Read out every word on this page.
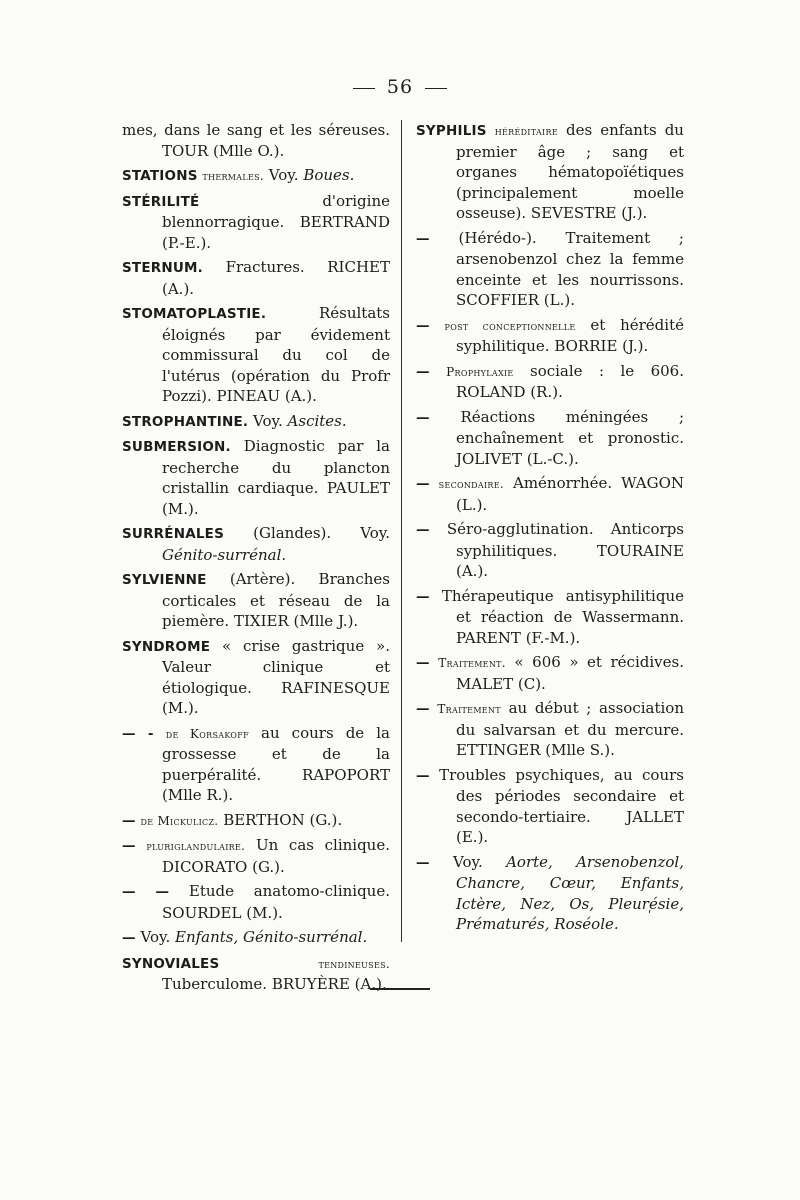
56

mes, dans le sang et les séreuses. TOUR (Mlle O.).

STATIONS thermales. Voy. Boues.

STÉRILITÉ	d'origine blennorragique. BERTRAND (P.-E.).

STERNUM. Fractures. RICHET (A.).

STOMATOPLASTIE.	Résultats éloignés par évidement commissural du col de l'utérus (opération du Profr Pozzi). PINEAU (A.).

STROPHANTINE. Voy. Ascites.

SUBMERSION. Diagnostic par la recherche du plancton cristallin cardiaque. PAULET (M.).

SURRÉNALES (Glandes). Voy. Génito-surrénal.

SYLVIENNE (Artère). Branches corticales et réseau de la piemère. TIXIER (Mlle J.).

SYNDROME « crise gastrique ». Valeur clinique et étiologique. RAFINESQUE (M.).

— - de Korsakoff au cours de la grossesse et de la puerpéralité. RAPOPORT (Mlle R.).

— de Mickulicz. BERTHON (G.).

— pluriglandulaire. Un cas clinique. DICORATO (G.).

— — Etude anatomo-clinique. SOURDEL (M.).

— Voy. Enfants, Génito-surrénal.

SYNOVIALES	tendineuses. Tuberculome. BRUYÈRE (A.).

SYPHILIS héréditaire des enfants du premier âge ; sang et organes hématopoïétiques (principalement moelle osseuse). SEVESTRE (J.).

— (Hérédo-). Traitement ; arsenobenzol chez la femme enceinte et les nourrissons. SCOFFIER (L.).

— post conceptionnelle et hérédité syphilitique. BORRIE (J.).

— Prophylaxie sociale : le 606. ROLAND (R.).

— Réactions méningées ; enchaînement et pronostic. JOLIVET (L.-C.).

— secondaire. Aménorrhée. WAGON (L.).

— Séro-agglutination. Anticorps syphilitiques. TOURAINE (A.).

— Thérapeutique antisyphilitique et réaction de Wassermann. PARENT (F.-M.).

— Traitement. « 606 » et récidives. MALET (C).

— Traitement au début ; association du salvarsan et du mercure. ETTINGER (Mlle S.).

— Troubles psychiques, au cours des périodes secondaire et secondo-tertiaire. JALLET (E.).

— Voy. Aorte, Arsenobenzol, Chancre, Cœur, Enfants, Ictère, Nez, Os, Pleurésie, Prématurés, Roséole.	ʹ
